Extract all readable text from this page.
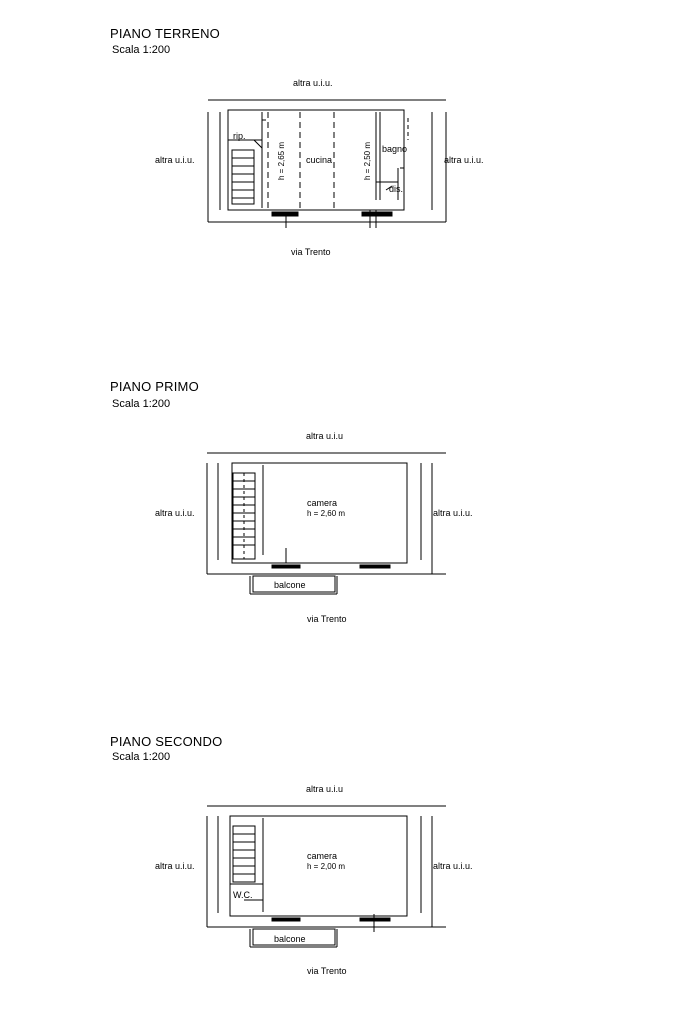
PIANO TERRENO
Scala 1:200
altra u.i.u.
altra u.i.u.	altra u.i.u.
via Trento
rip.
cucina
h = 2,65 m	h = 2,50 m bagno
dis.
PIANO PRIMO
Scala 1:200
altra u.i.u
altra u.i.u.	altra u.i.u.
via Trento
camera
h = 2,60 m
balcone
PIANO SECONDO
Scala 1:200
altra u.i.u
altra u.i.u.	altra u.i.u.
via Trento
camera
h = 2,00 m
W.C.
balcone
